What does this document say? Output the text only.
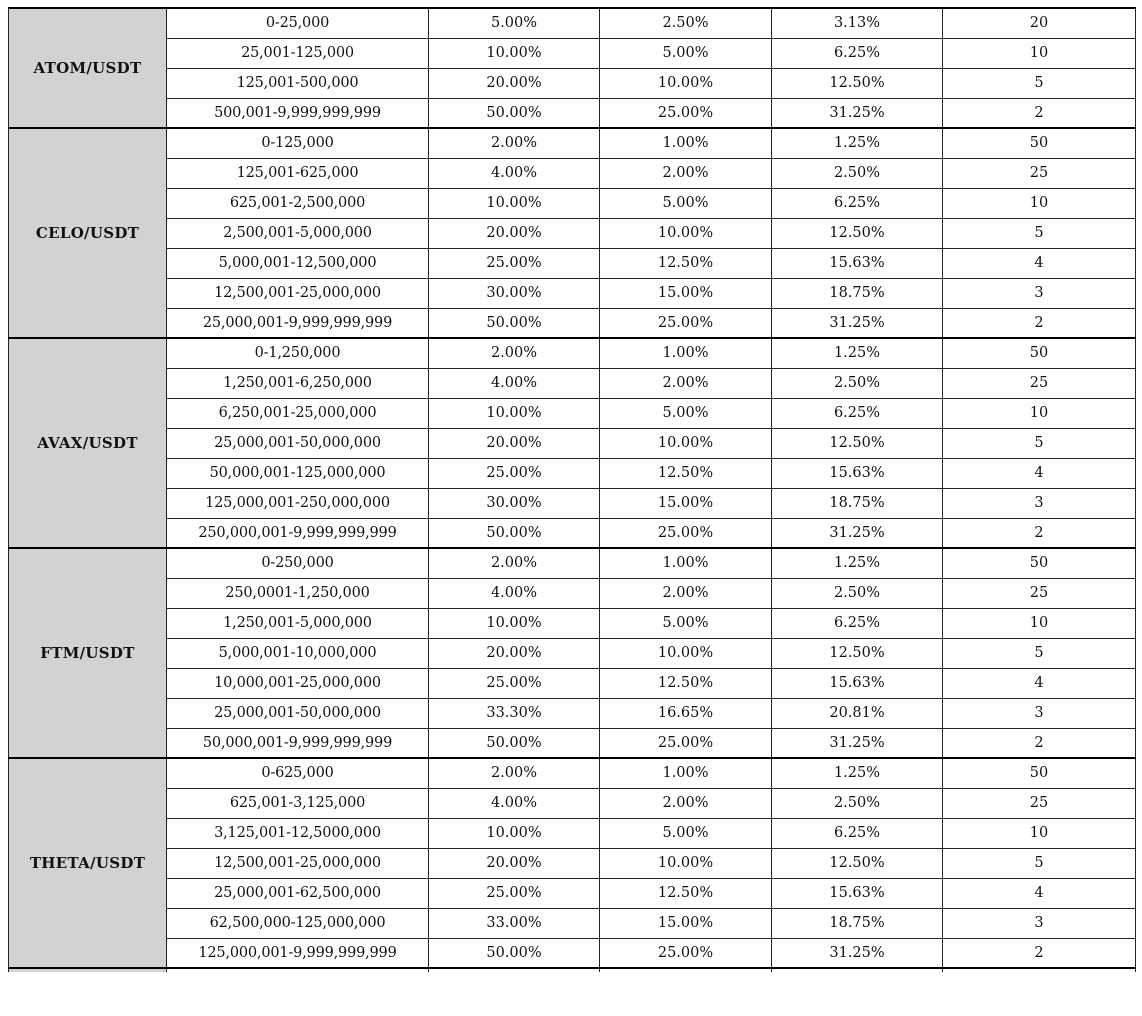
ATOM/USDT	0-25,000	5.00%	2.50%	3.13%	20
	25,001-125,000	10.00%	5.00%	6.25%	10
	125,001-500,000	20.00%	10.00%	12.50%	5
	500,001-9,999,999,999	50.00%	25.00%	31.25%	2
CELO/USDT	0-125,000	2.00%	1.00%	1.25%	50
	125,001-625,000	4.00%	2.00%	2.50%	25
	625,001-2,500,000	10.00%	5.00%	6.25%	10
	2,500,001-5,000,000	20.00%	10.00%	12.50%	5
	5,000,001-12,500,000	25.00%	12.50%	15.63%	4
	12,500,001-25,000,000	30.00%	15.00%	18.75%	3
	25,000,001-9,999,999,999	50.00%	25.00%	31.25%	2
AVAX/USDT	0-1,250,000	2.00%	1.00%	1.25%	50
	1,250,001-6,250,000	4.00%	2.00%	2.50%	25
	6,250,001-25,000,000	10.00%	5.00%	6.25%	10
	25,000,001-50,000,000	20.00%	10.00%	12.50%	5
	50,000,001-125,000,000	25.00%	12.50%	15.63%	4
	125,000,001-250,000,000	30.00%	15.00%	18.75%	3
	250,000,001-9,999,999,999	50.00%	25.00%	31.25%	2
FTM/USDT	0-250,000	2.00%	1.00%	1.25%	50
	250,0001-1,250,000	4.00%	2.00%	2.50%	25
	1,250,001-5,000,000	10.00%	5.00%	6.25%	10
	5,000,001-10,000,000	20.00%	10.00%	12.50%	5
	10,000,001-25,000,000	25.00%	12.50%	15.63%	4
	25,000,001-50,000,000	33.30%	16.65%	20.81%	3
	50,000,001-9,999,999,999	50.00%	25.00%	31.25%	2
THETA/USDT	0-625,000	2.00%	1.00%	1.25%	50
	625,001-3,125,000	4.00%	2.00%	2.50%	25
	3,125,001-12,5000,000	10.00%	5.00%	6.25%	10
	12,500,001-25,000,000	20.00%	10.00%	12.50%	5
	25,000,001-62,500,000	25.00%	12.50%	15.63%	4
	62,500,000-125,000,000	33.00%	15.00%	18.75%	3
	125,000,001-9,999,999,999	50.00%	25.00%	31.25%	2
